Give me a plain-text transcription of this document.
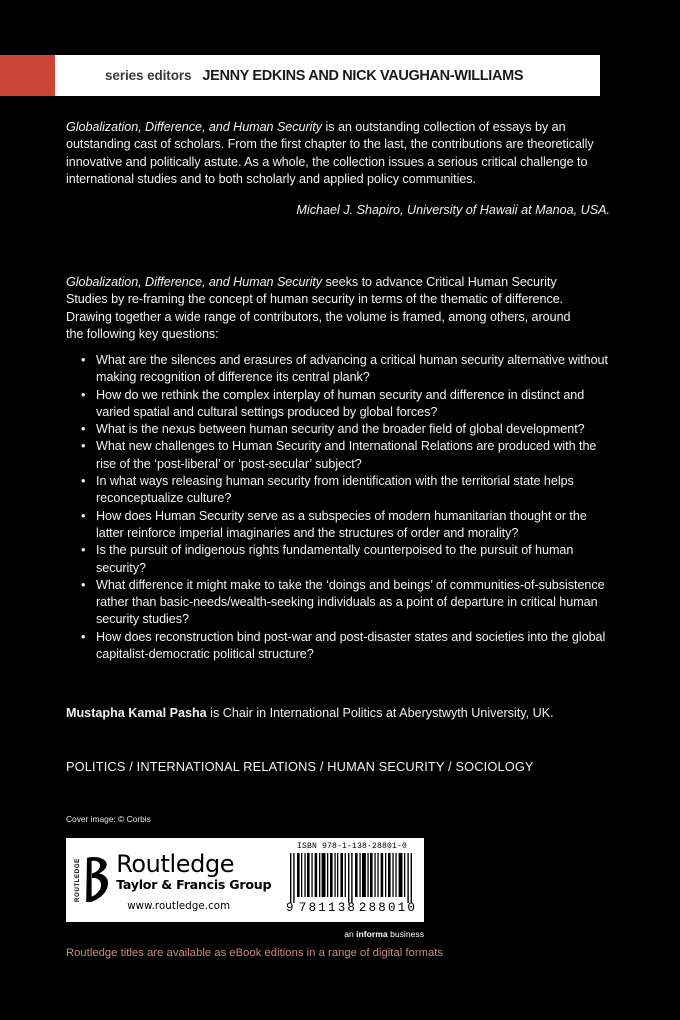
series editors JENNY EDKINS AND NICK VAUGHAN-WILLIAMS
Globalization, Difference, and Human Security is an outstanding collection of essays by an outstanding cast of scholars. From the first chapter to the last, the contributions are theoretically innovative and politically astute. As a whole, the collection issues a serious critical challenge to international studies and to both scholarly and applied policy communities.
Michael J. Shapiro, University of Hawaii at Manoa, USA.
Globalization, Difference, and Human Security seeks to advance Critical Human Security Studies by re-framing the concept of human security in terms of the thematic of difference. Drawing together a wide range of contributors, the volume is framed, among others, around the following key questions:
• What are the silences and erasures of advancing a critical human security alternative without making recognition of difference its central plank?
• How do we rethink the complex interplay of human security and difference in distinct and varied spatial and cultural settings produced by global forces?
• What is the nexus between human security and the broader field of global development?
• What new challenges to Human Security and International Relations are produced with the rise of the ‘post-liberal’ or ‘post-secular’ subject?
• In what ways releasing human security from identification with the territorial state helps reconceptualize culture?
• How does Human Security serve as a subspecies of modern humanitarian thought or the latter reinforce imperial imaginaries and the structures of order and morality?
• Is the pursuit of indigenous rights fundamentally counterpoised to the pursuit of human security?
• What difference it might make to take the ‘doings and beings’ of communities-of-subsistence rather than basic-needs/wealth-seeking individuals as a point of departure in critical human security studies?
• How does reconstruction bind post-war and post-disaster states and societies into the global capitalist-democratic political structure?
Mustapha Kamal Pasha is Chair in International Politics at Aberystwyth University, UK.
POLITICS / INTERNATIONAL RELATIONS / HUMAN SECURITY / SOCIOLOGY
Cover image: © Corbis
ROUTLEDGE Routledge
Taylor & Francis Group
www.routledge.com
ISBN 978-1-138-28801-0
9 781138 288010
an informa business
Routledge titles are available as eBook editions in a range of digital formats
